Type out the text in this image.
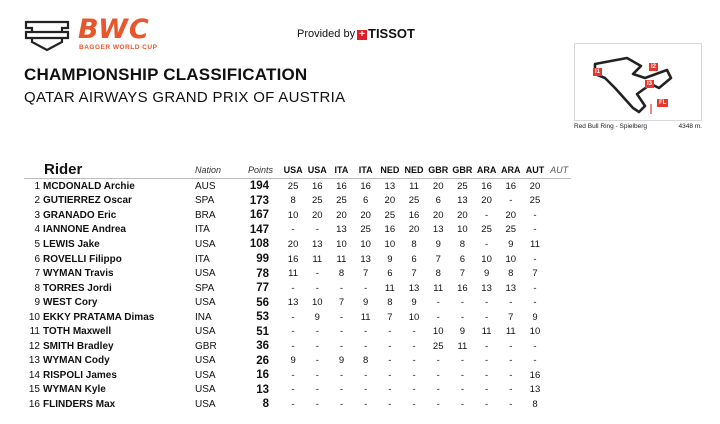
BWC
BAGGER WORLD CUP
Provided by + TISSOT
CHAMPIONSHIP CLASSIFICATION
QATAR AIRWAYS GRAND PRIX OF AUSTRIA
I1
I2
I3
FL
Red Bull Ring - Spielberg	4348 m.
Rider		Nation	Points	USA	USA	ITA	ITA	NED	NED	GBR	GBR	ARA	ARA	AUT	AUT
1	MCDONALD Archie	AUS	194	25	16	16	16	13	11	20	25	16	16	20	
2	GUTIERREZ Oscar	SPA	173	8	25	25	6	20	25	6	13	20	-	25	
3	GRANADO Eric	BRA	167	10	20	20	20	25	16	20	20	-	20	-	
4	IANNONE Andrea	ITA	147	-	-	13	25	16	20	13	10	25	25	-	
5	LEWIS Jake	USA	108	20	13	10	10	10	8	9	8	-	9	11	
6	ROVELLI Filippo	ITA	99	16	11	11	13	9	6	7	6	10	10	-	
7	WYMAN Travis	USA	78	11	-	8	7	6	7	8	7	9	8	7	
8	TORRES Jordi	SPA	77	-	-	-	-	11	13	11	16	13	13	-	
9	WEST Cory	USA	56	13	10	7	9	8	9	-	-	-	-	-	
10	EKKY PRATAMA Dimas	INA	53	-	9	-	11	7	10	-	-	-	7	9	
11	TOTH Maxwell	USA	51	-	-	-	-	-	-	10	9	11	11	10	
12	SMITH Bradley	GBR	36	-	-	-	-	-	-	25	11	-	-	-	
13	WYMAN Cody	USA	26	9	-	9	8	-	-	-	-	-	-	-	
14	RISPOLI James	USA	16	-	-	-	-	-	-	-	-	-	-	16	
15	WYMAN Kyle	USA	13	-	-	-	-	-	-	-	-	-	-	13	
16	FLINDERS Max	USA	8	-	-	-	-	-	-	-	-	-	-	8	
